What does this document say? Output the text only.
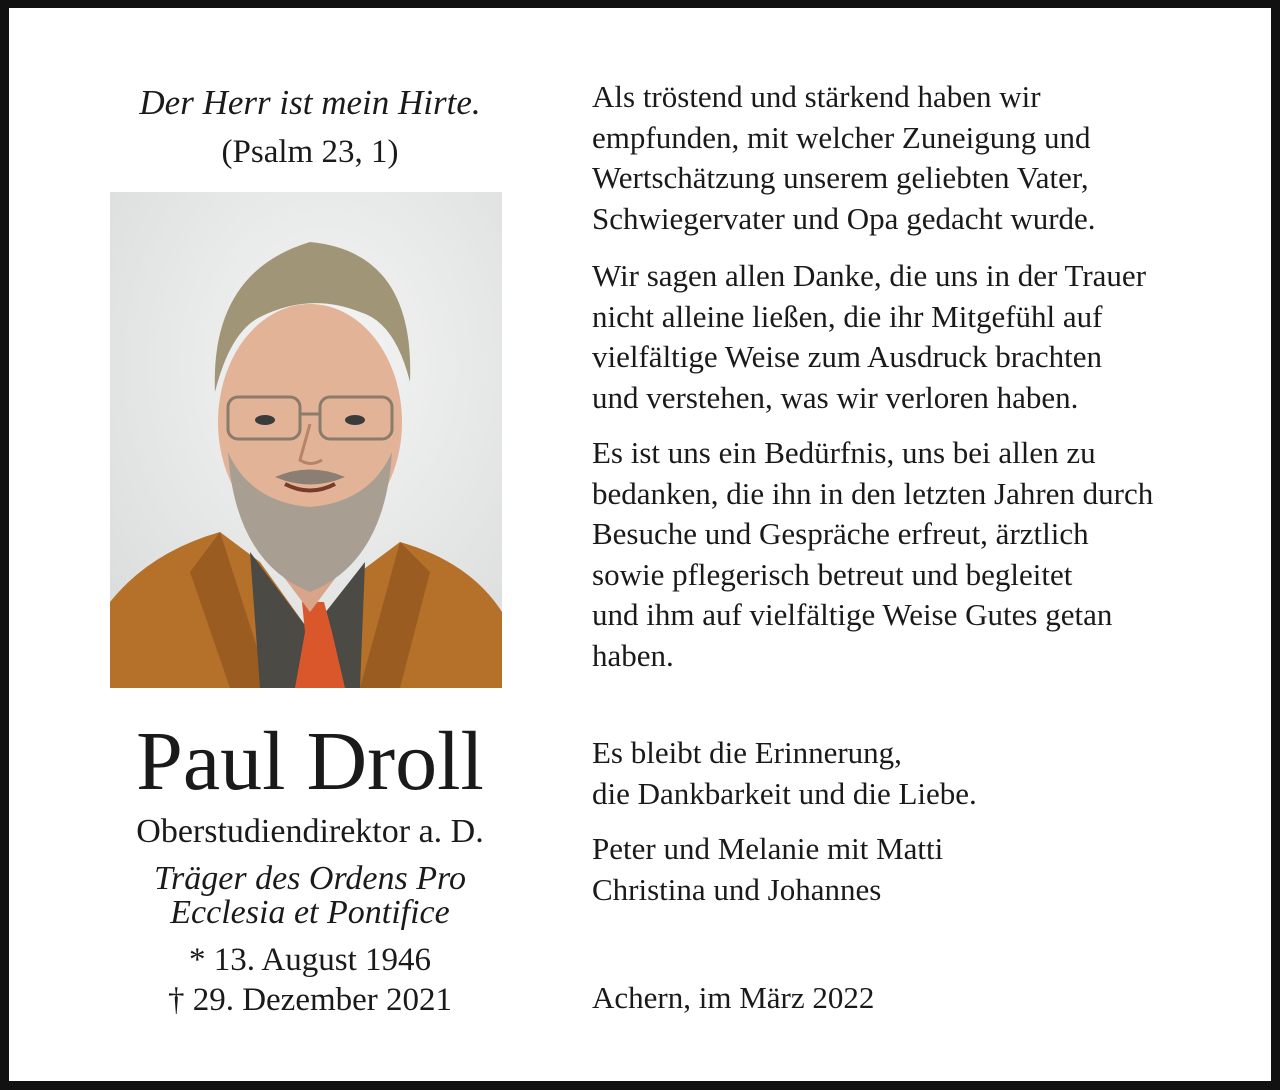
Der Herr ist mein Hirte.

(Psalm 23, 1)

Paul Droll

Oberstudiendirektor a. D.

Träger des Ordens Pro
Ecclesia et Pontifice

* 13. August 1946
† 29. Dezember 2021

Als tröstend und stärkend haben wir
empfunden, mit welcher Zuneigung und
Wertschätzung unserem geliebten Vater,
Schwiegervater und Opa gedacht wurde.

Wir sagen allen Danke, die uns in der Trauer
nicht alleine ließen, die ihr Mitgefühl auf
vielfältige Weise zum Ausdruck brachten
und verstehen, was wir verloren haben.

Es ist uns ein Bedürfnis, uns bei allen zu
bedanken, die ihn in den letzten Jahren durch
Besuche und Gespräche erfreut, ärztlich
sowie pflegerisch betreut und begleitet
und ihm auf vielfältige Weise Gutes getan
haben.

Es bleibt die Erinnerung,
die Dankbarkeit und die Liebe.

Peter und Melanie mit Matti
Christina und Johannes

Achern, im März 2022
